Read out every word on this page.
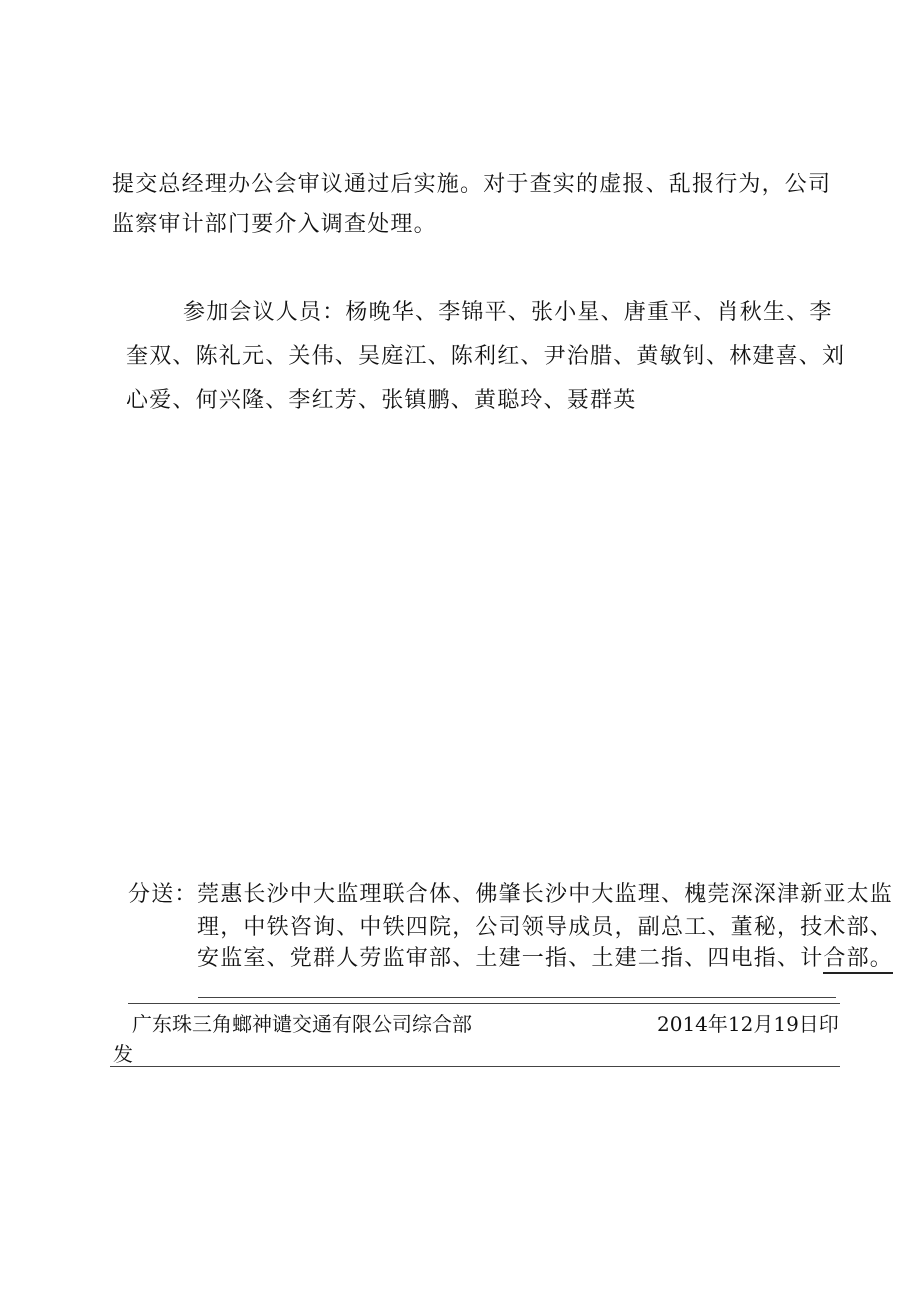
提交总经理办公会审议通过后实施。对于查实的虚报、乱报行为，公司
监察审计部门要介入调查处理。
参加会议人员：杨晚华、李锦平、张小星、唐重平、肖秋生、李
奎双、陈礼元、关伟、吴庭江、陈利红、尹治腊、黄敏钊、林建喜、刘
心爱、何兴隆、李红芳、张镇鹏、黄聪玲、聂群英
分送： 莞惠长沙中大监理联合体、佛肇长沙中大监理、槐莞深深津新亚太监
理，中铁咨询、中铁四院，公司领导成员，副总工、董秘，技术部、
安监室、党群人劳监审部、土建一指、土建二指、四电指、计合部。
广东珠三角螂神谴交通有限公司综合部	2014年12月19日印
发
